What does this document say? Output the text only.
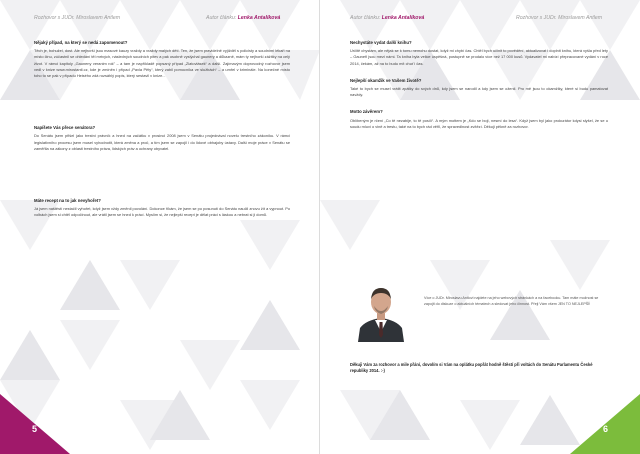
Rozhovor s JUDr. Miroslavem Antlem	Autor článku: Lenka Antalíková
Nějaký případ, na který se nedá zapomenout?
Těch je, bohužel, dost. Ale nejhorší jsou masové kauzy vraždy a vraždy malých dětí. Ten, že jsem pravidelně vyjížděl s policisty a soudními lékaři na místo činu, zúčastnil se ohledání těl mrtvých, následných soudních pitev a pak osobně vyslýchal gaunery a důkazně, mám ty nejhorší zážitky na celý život. V rámci kapitoly „Gauneny veranim rok" – a tam je napříkladě popsaný případ „Zlatovlásek“ a další. Zajímavým doprovodný rozhovor jsem vedl v knize www.mirostantl.cz, kde je zmíněn i případ „Pavla Pěty“, který zabil pomocníka ve službách“ – a umřel v kriminále. Na konečné místo toho to se pak v případu Heisého zdá rozsáhlý popis, který sestavil v knize...
Napíšete Vás přece senátora?
Do Senátu jsem přišel jako trestní právník a hned na začátku v prosinci 2008 jsem v Senátu projednával novelu trestního zákoníku. V rámci legislativního procesu jsem musel vyhodnotit, která změna a proč, a tím jsem se zapojil i do lidové obhajoby ústavy. Další moje práce v Senátu se zaměřila na zákony z oblasti trestního práva, lidských práv a ochrany obyvatel.
Máte recept na to jak nevyhořet?
Já jsem naštěstí nestačil vyhořet, když jsem vždy změnil povolání. Dokonce říkám, že jsem se po posunutí do Senátu naučil znovu žít a vypnout. Po volbách jsem si chtěl odpočinout, ale vrátil jsem se hned k prácí. Myslím si, že nejlepší recept je dělat práci s láskou a nebrat si ji domů.
5
Autor článku: Lenka Antalíková	Rozhovor s JUDr. Miroslavem Antlem
Nechystáte vydat další knihu?
Určitě chystám, ale nějak se k tomu nemohu dostat, když mi chybí čas. Chtěl bych učinit to povědění, aktualizovat i doplnit knihu, která vyšla před lety – Gauneři jsou mezi námi. Ta kniha byla velice úspěšná, postupně se prodalo více než 17 000 kusů. Vydavatel mi nabízí přepracované vydání v roce 2014, čekám, až na to budu mít chuť i čas.
Nejlepší okamžik ve Vašem životě?
Také to bych se musel vrátit zpátky do svých dnů, kdy jsem se narodil a kdy jsem se oženil. Pro mě jsou to okamžiky, které si budu pamatovat navždy.
Motto závěrem?
Oblíbeným je rčení „Co tě nezabije, to tě posílí“. A mým mottem je „Kdo se bojí, nesmí do lesa“. Když jsem byl jako prokurátor kdysi slyšel, že se u soudu mluví o vině a trestu, také na to bych rád věřil, že spravedlnost zvítězí. Děkuji pěkně za rozhovor.
Více o JUDr. Miroslavu Antlovi najdete na jeho webových stránkách a na facebooku. Tam máte možnost se zapojit do diskuze o aktuálních tématech a sledovat jeho činnost. Přeji Vám všem JEN TO NEJLEPŠÍ!
Děkuji Vám za rozhovor a mile přání, dovolím si Vám na oplátku popřát hodně štěstí při voltách do Senátu Parlamentu České republiky 2014. :-)
6
